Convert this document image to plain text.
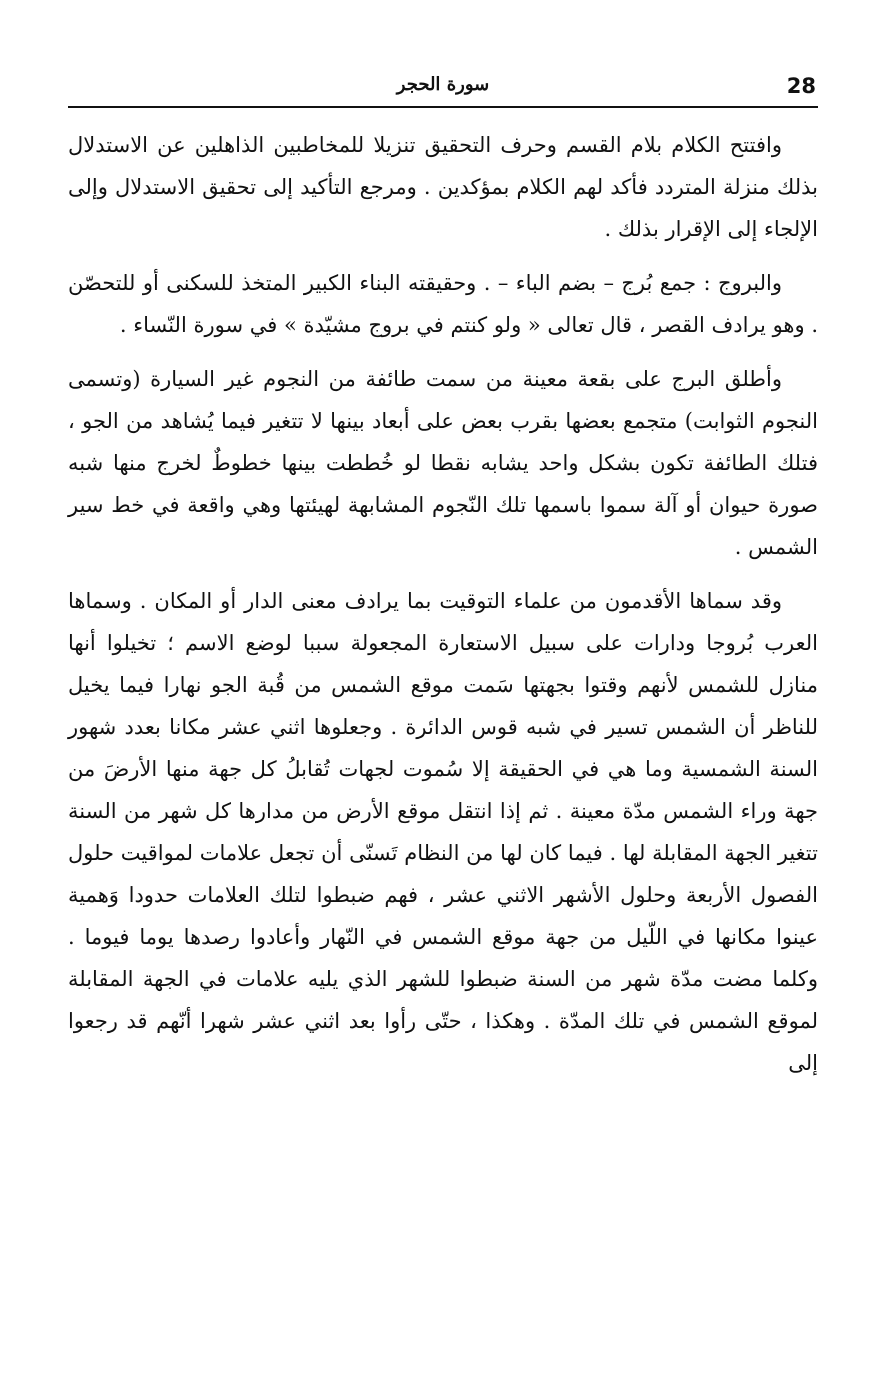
28
سورة الحجر

وافتتح الكلام بلام القسم وحرف التحقيق تنزيلا للمخاطبين الذاهلين عن الاستدلال بذلك منزلة المتردد فأكد لهم الكلام بمؤكدين . ومرجع التأكيد إلى تحقيق الاستدلال وإلى الإلجاء إلى الإقرار بذلك .

والبروج : جمع بُرج – بضم الباء – . وحقيقته البناء الكبير المتخذ للسكنى أو للتحصّن . وهو يرادف القصر ، قال تعالى « ولو كنتم في بروج مشيّدة » في سورة النّساء .

وأطلق البرج على بقعة معينة من سمت طائفة من النجوم غير السيارة (وتسمى النجوم الثوابت) متجمع بعضها بقرب بعض على أبعاد بينها لا تتغير فيما يُشاهد من الجو ، فتلك الطائفة تكون بشكل واحد يشابه نقطا لو خُططت بينها خطوطٌ لخرج منها شبه صورة حيوان أو آلة سموا باسمها تلك النّجوم المشابهة لهيئتها وهي واقعة في خط سير الشمس .

وقد سماها الأقدمون من علماء التوقيت بما يرادف معنى الدار أو المكان . وسماها العرب بُروجا ودارات على سبيل الاستعارة المجعولة سببا لوضع الاسم ؛ تخيلوا أنها منازل للشمس لأنهم وقتوا بجهتها سَمت موقع الشمس من قُبة الجو نهارا فيما يخيل للناظر أن الشمس تسير في شبه قوس الدائرة . وجعلوها اثني عشر مكانا بعدد شهور السنة الشمسية وما هي في الحقيقة إلا سُموت لجهات تُقابلُ كل جهة منها الأرضَ من جهة وراء الشمس مدّة معينة . ثم إذا انتقل موقع الأرض من مدارها كل شهر من السنة تتغير الجهة المقابلة لها . فيما كان لها من النظام تَسنّى أن تجعل علامات لمواقيت حلول الفصول الأربعة وحلول الأشهر الاثني عشر ، فهم ضبطوا لتلك العلامات حدودا وَهمية عينوا مكانها في اللّيل من جهة موقع الشمس في النّهار وأعادوا رصدها يوما فيوما . وكلما مضت مدّة شهر من السنة ضبطوا للشهر الذي يليه علامات في الجهة المقابلة لموقع الشمس في تلك المدّة . وهكذا ، حتّى رأوا بعد اثني عشر شهرا أنّهم قد رجعوا إلى
